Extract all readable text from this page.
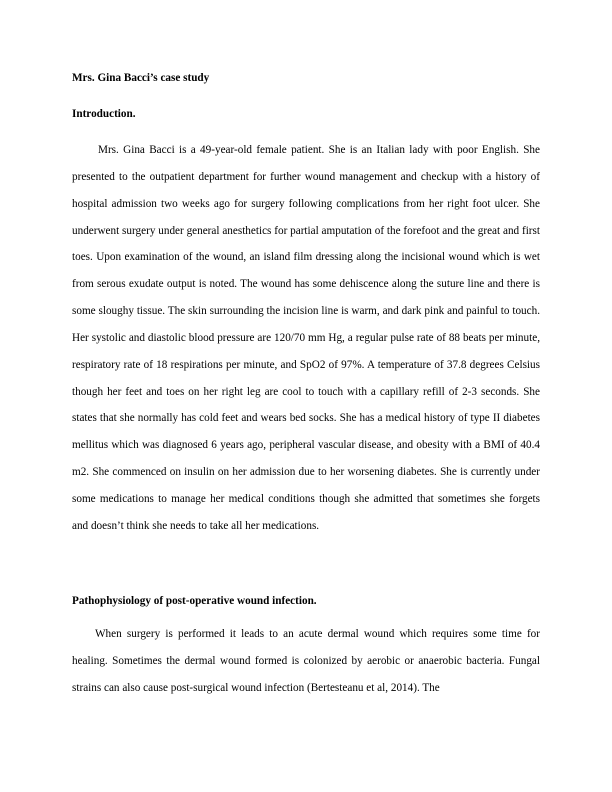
Mrs. Gina Bacci’s case study

Introduction.

Mrs. Gina Bacci is a 49-year-old female patient. She is an Italian lady with poor English. She presented to the outpatient department for further wound management and checkup with a history of hospital admission two weeks ago for surgery following complications from her right foot ulcer. She underwent surgery under general anesthetics for partial amputation of the forefoot and the great and first toes. Upon examination of the wound, an island film dressing along the incisional wound which is wet from serous exudate output is noted. The wound has some dehiscence along the suture line and there is some sloughy tissue. The skin surrounding the incision line is warm, and dark pink and painful to touch. Her systolic and diastolic blood pressure are 120/70 mm Hg, a regular pulse rate of 88 beats per minute, respiratory rate of 18 respirations per minute, and SpO2 of 97%. A temperature of 37.8 degrees Celsius though her feet and toes on her right leg are cool to touch with a capillary refill of 2-3 seconds. She states that she normally has cold feet and wears bed socks. She has a medical history of type II diabetes mellitus which was diagnosed 6 years ago, peripheral vascular disease, and obesity with a BMI of 40.4 m2. She commenced on insulin on her admission due to her worsening diabetes. She is currently under some medications to manage her medical conditions though she admitted that sometimes she forgets and doesn’t think she needs to take all her medications.

Pathophysiology of post-operative wound infection.

When surgery is performed it leads to an acute dermal wound which requires some time for healing. Sometimes the dermal wound formed is colonized by aerobic or anaerobic bacteria. Fungal strains can also cause post-surgical wound infection (Bertesteanu et al, 2014). The
